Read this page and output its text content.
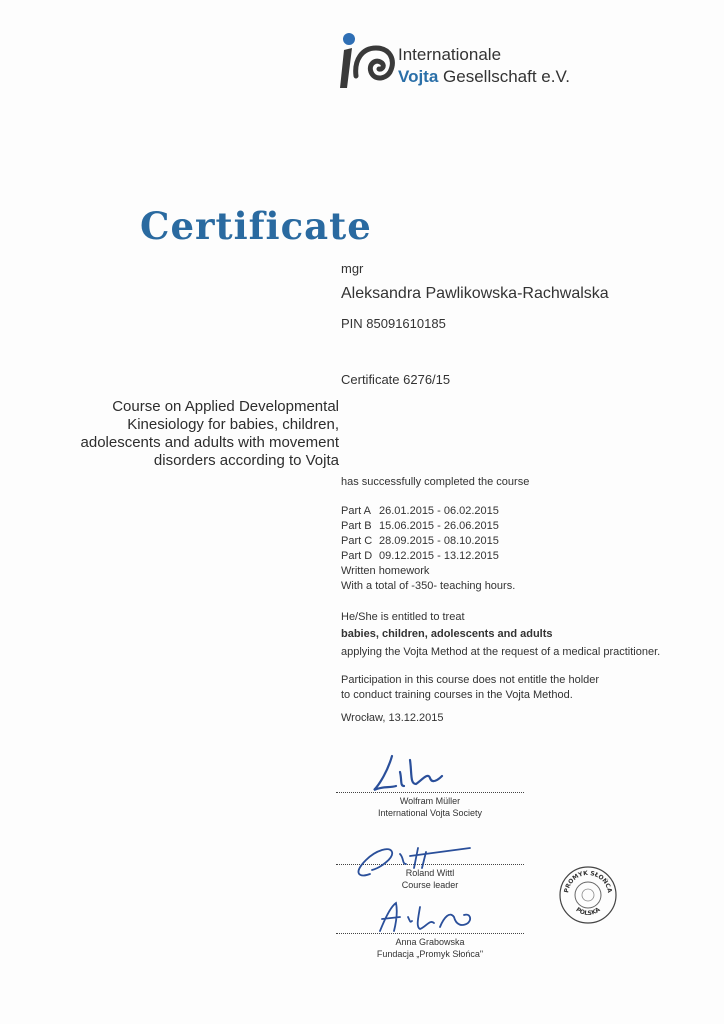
Internationale
Vojta Gesellschaft e.V.
Certificate
mgr
Aleksandra Pawlikowska-Rachwalska
PIN 85091610185
Certificate 6276/15
Course on Applied Developmental
Kinesiology for babies, children,
adolescents and adults with movement
disorders according to Vojta
has successfully completed the course
Part A 26.01.2015 - 06.02.2015
Part B 15.06.2015 - 26.06.2015
Part C 28.09.2015 - 08.10.2015
Part D 09.12.2015 - 13.12.2015
Written homework
With a total of -350- teaching hours.
He/She is entitled to treat
babies, children, adolescents and adults
applying the Vojta Method at the request of a medical practitioner.
Participation in this course does not entitle the holder
to conduct training courses in the Vojta Method.
Wrocław, 13.12.2015
Wolfram Müller
International Vojta Society
Roland Wittl
Course leader
Anna Grabowska
Fundacja „Promyk Słońca"
PROMYK SŁOŃCA
POLSKA
